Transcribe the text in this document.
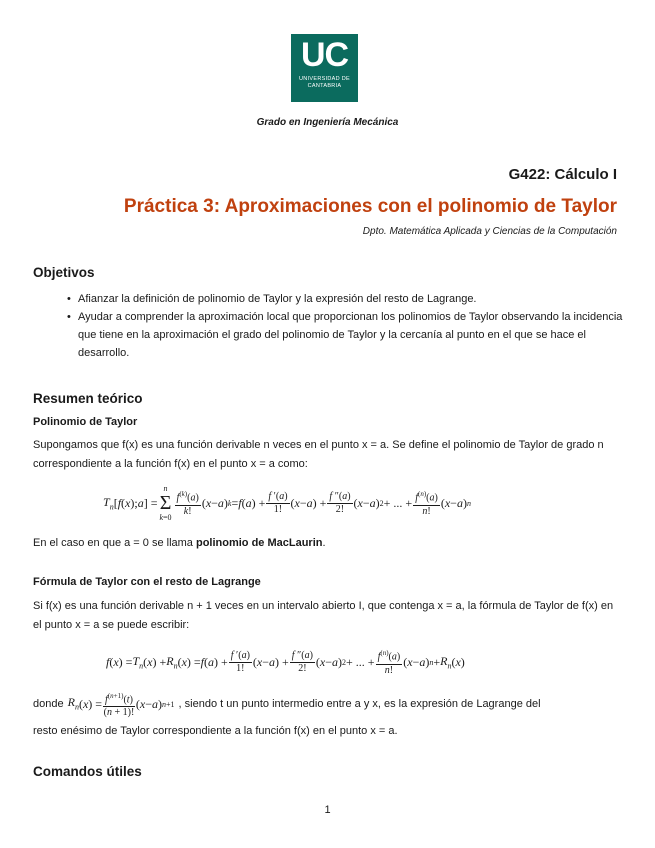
UC
UNIVERSIDAD DE CANTABRIA
Grado en Ingeniería Mecánica
G422: Cálculo I
Práctica 3: Aproximaciones con el polinomio de Taylor
Dpto. Matemática Aplicada y Ciencias de la Computación
Objetivos
• Afianzar la definición de polinomio de Taylor y la expresión del resto de Lagrange.
• Ayudar a comprender la aproximación local que proporcionan los polinomios de Taylor observando la incidencia que tiene en la aproximación el grado del polinomio de Taylor y la cercanía al punto en el que se hace el desarrollo.
Resumen teórico
Polinomio de Taylor
Supongamos que f(x) es una función derivable n veces en el punto x = a. Se define el polinomio de Taylor de grado n correspondiente a la función f(x) en el punto x = a como:
$T_n$ [ f ( x ); a ] =
n
Σ
$k=0 \frac{f^{(k)}(a)}{k!}$ ( x − a ) k = f ( a ) + $\frac{f '(a)}{1!}$ ( x − a ) + $\frac{f ''(a)}{2!}$ ( x − a ) 2 + ... + $\frac{f^{(n)}(a)}{n!}$ ( x − a ) n
En el caso en que a = 0 se llama polinomio de MacLaurin.
Fórmula de Taylor con el resto de Lagrange
Si f(x) es una función derivable n + 1 veces en un intervalo abierto I, que contenga x = a, la fórmula de Taylor de f(x) en el punto x = a se puede escribir:
f ( x ) = $T_n$ ( x ) + $R_n$ ( x ) = f ( a ) + $\frac{f '(a)}{1!}$ ( x − a ) + $\frac{f ''(a)}{2!}$ ( x − a ) 2 + ... + $\frac{f^{(n)}(a)}{n!}$ ( x − a ) $n + R_n$ ( x )
donde $R_n$ ( x ) = $\frac{f^{(n+1)}(t)}{(n + 1)!}$ ( x − a ) n+1 , siendo t un punto intermedio entre a y x, es la expresión de Lagrange del
resto enésimo de Taylor correspondiente a la función f(x) en el punto x = a.
Comandos útiles
1
